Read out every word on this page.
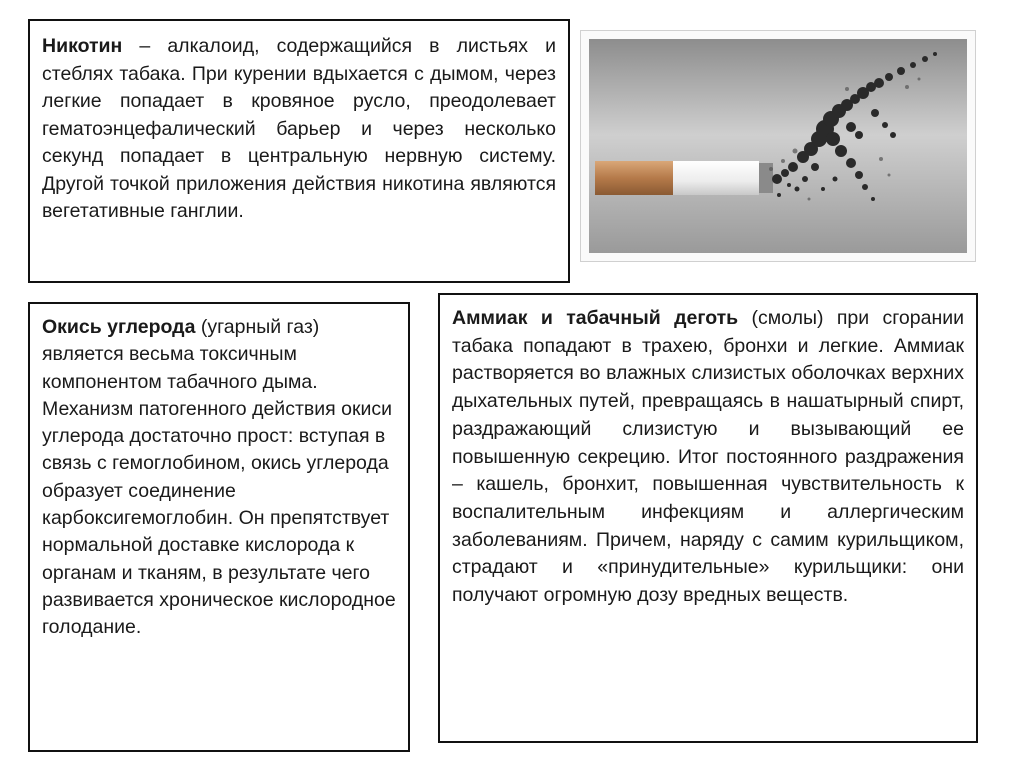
Никотин – алкалоид, содержащийся в листьях и стеблях табака. При курении вдыхается с дымом, через легкие попадает в кровяное русло, преодолевает гематоэнцефалический барьер и через несколько секунд попадает в центральную нервную систему. Другой точкой приложения действия никотина являются вегетативные ганглии.
Окись углерода (угарный газ) является весьма токсичным компонентом табачного дыма. Механизм патогенного действия окиси углерода достаточно прост: вступая в связь с гемоглобином, окись углерода образует соединение карбоксигемоглобин. Он препятствует нормальной доставке кислорода к органам и тканям, в результате чего развивается хроническое кислородное голодание.
Аммиак и табачный деготь (смолы) при сгорании табака попадают в трахею, бронхи и легкие. Аммиак растворяется во влажных слизистых оболочках верхних дыхательных путей, превращаясь в нашатырный спирт, раздражающий слизистую и вызывающий ее повышенную секрецию. Итог постоянного раздражения – кашель, бронхит, повышенная чувствительность к воспалительным инфекциям и аллергическим заболеваниям. Причем, наряду с самим курильщиком, страдают и «принудительные» курильщики: они получают огромную дозу вредных веществ.
